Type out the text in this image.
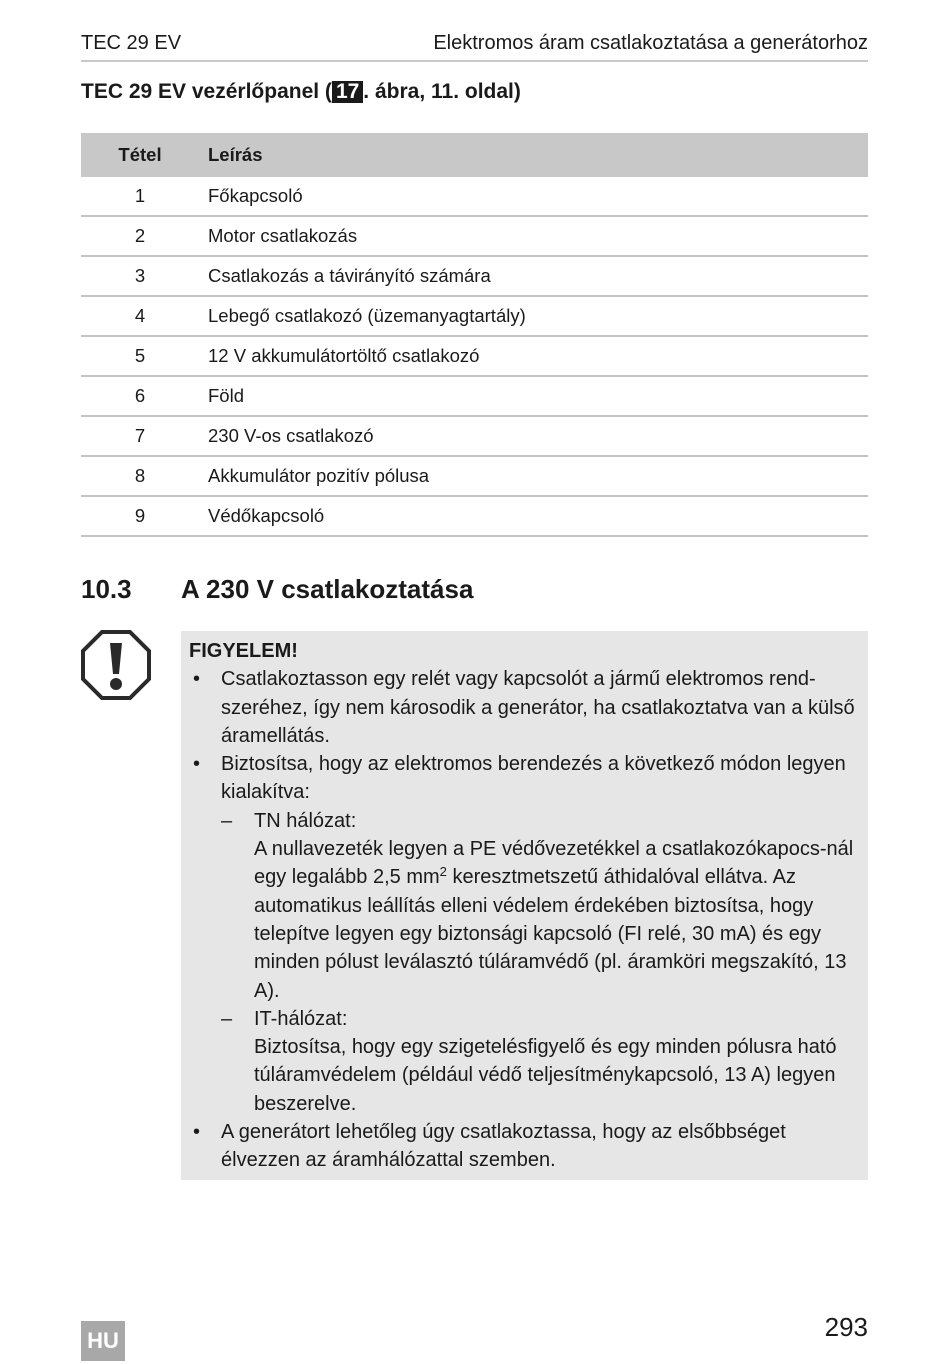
TEC 29 EV	Elektromos áram csatlakoztatása a generátorhoz
TEC 29 EV vezérlőpanel ( 17 . ábra, 11. oldal)
Tétel	Leírás
1	Főkapcsoló
2	Motor csatlakozás
3	Csatlakozás a távirányító számára
4	Lebegő csatlakozó (üzemanyagtartály)
5	12 V akkumulátortöltő csatlakozó
6	Föld
7	230 V-os csatlakozó
8	Akkumulátor pozitív pólusa
9	Védőkapcsoló
10.3 A 230 V csatlakoztatása
FIGYELEM!
• Csatlakoztasson egy relét vagy kapcsolót a jármű elektromos rend-szeréhez, így nem károsodik a generátor, ha csatlakoztatva van a külső áramellátás.
• Biztosítsa, hogy az elektromos berendezés a következő módon legyen kialakítva:
– TN hálózat:
A nullavezeték legyen a PE védővezetékkel a csatlakozókapocs-nál egy legalább 2,5 $mm^2$ keresztmetszetű áthidalóval ellátva. Az automatikus leállítás elleni védelem érdekében biztosítsa, hogy telepítve legyen egy biztonsági kapcsoló (FI relé, 30 mA) és egy minden pólust leválasztó túláramvédő (pl. áramköri megszakító, 13 A).
– IT-hálózat:
Biztosítsa, hogy egy szigetelésfigyelő és egy minden pólusra ható túláramvédelem (például védő teljesítménykapcsoló, 13 A) legyen beszerelve.
• A generátort lehetőleg úgy csatlakoztassa, hogy az elsőbbséget élvezzen az áramhálózattal szemben.
HU	293
